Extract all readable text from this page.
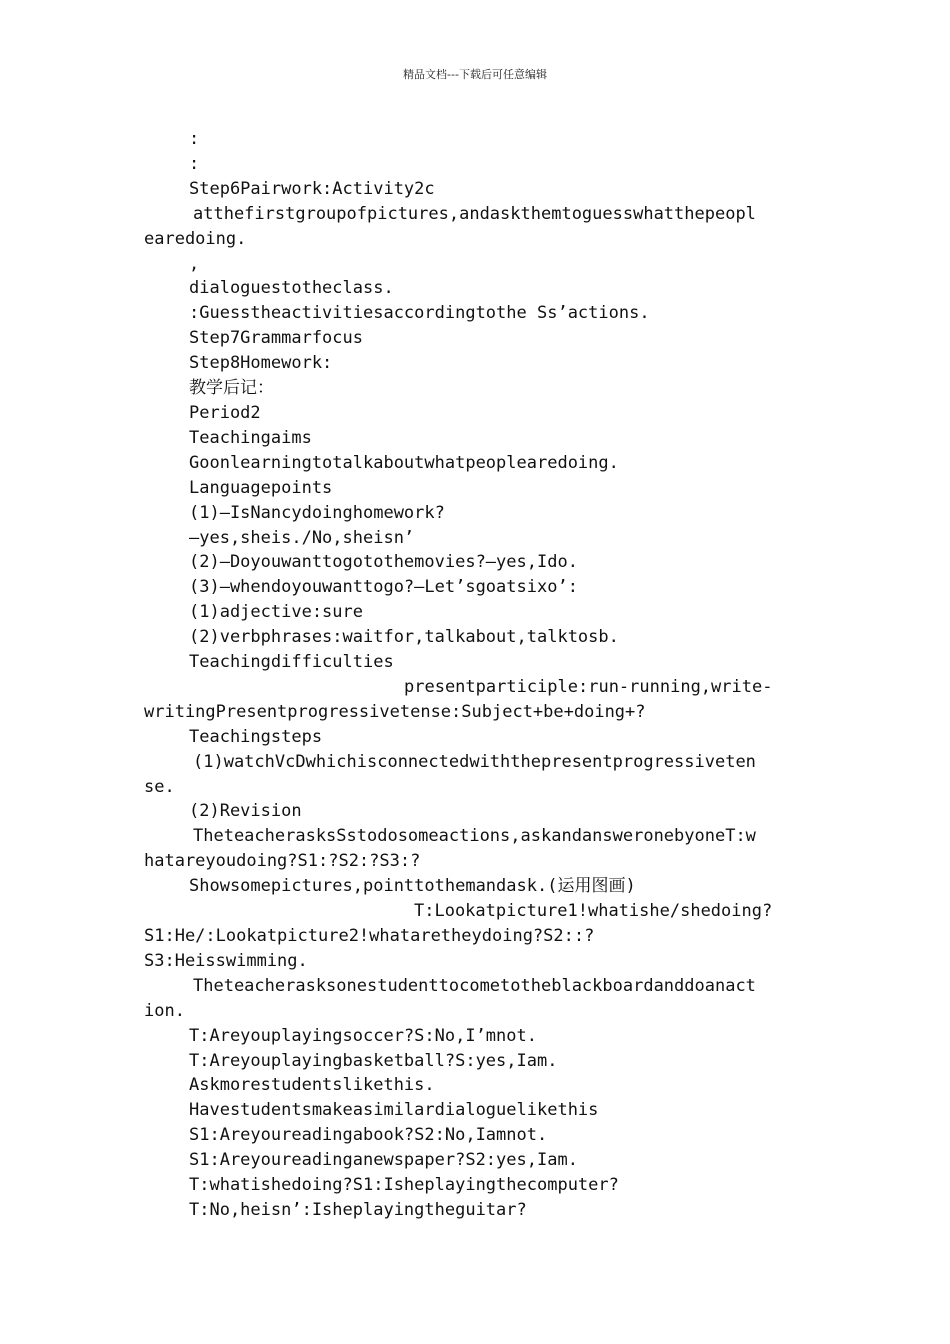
精品文档---下载后可任意编辑
:
:
Step6Pairwork:Activity2c
atthefirstgroupofpictures,andaskthemtoguesswhatthepeopl
earedoing.
,
dialoguestotheclass.
:Guesstheactivitiesaccordingtothe Ss’actions.
Step7Grammarfocus
Step8Homework:
教学后记：
Period2
Teachingaims
Goonlearningtotalkaboutwhatpeoplearedoing.
Languagepoints
(1)—IsNancydoinghomework?
—yes,sheis./No,sheisn’
(2)—Doyouwanttogotothemovies?—yes,Ido.
(3)—whendoyouwanttogo?—Let’sgoatsixo’:
(1)adjective:sure
(2)verbphrases:waitfor,talkabout,talktosb.
Teachingdifficulties
presentparticiple:run-running,write-
writingPresentprogressivetense:Subject+be+doing+?
Teachingsteps
(1)watchVcDwhichisconnectedwiththepresentprogressiveten
se.
(2)Revision
TheteacherasksSstodosomeactions,askandansweronebyoneT:w
hatareyoudoing?S1:?S2:?S3:?
Showsomepictures,pointtothemandask.(运用图画)
T:Lookatpicture1!whatishe/shedoing?
S1:He/:Lookatpicture2!whataretheydoing?S2::?
S3:Heisswimming.
Theteacherasksonestudenttocometotheblackboardanddoanact
ion.
T:Areyouplayingsoccer?S:No,I’mnot.
T:Areyouplayingbasketball?S:yes,Iam.
Askmorestudentslikethis.
Havestudentsmakeasimilardialoguelikethis
S1:Areyoureadingabook?S2:No,Iamnot.
S1:Areyoureadinganewspaper?S2:yes,Iam.
T:whatishedoing?S1:Isheplayingthecomputer?
T:No,heisn’:Isheplayingtheguitar?
